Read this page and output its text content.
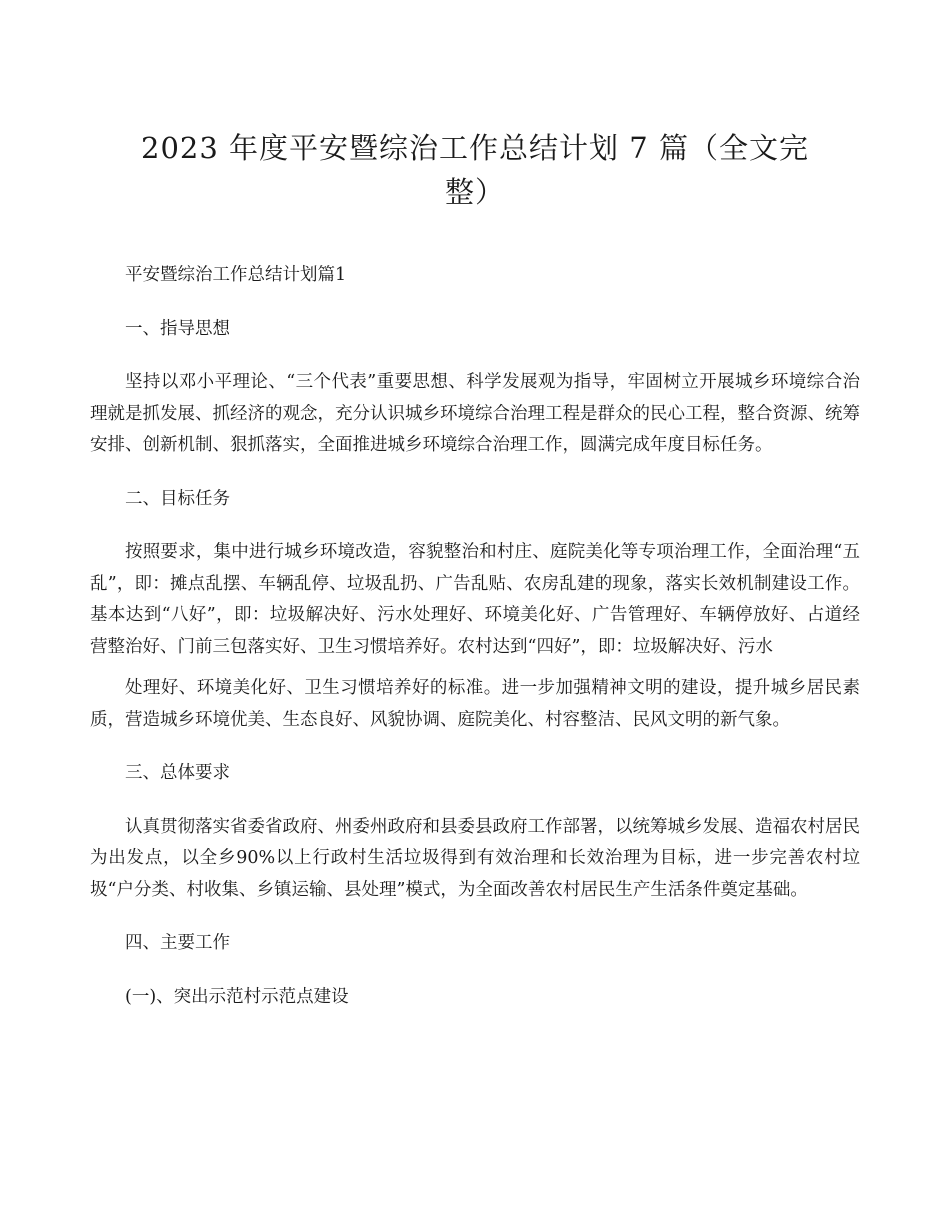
2023 年度平安暨综治工作总结计划 7 篇（全文完
整）

平安暨综治工作总结计划篇1

一、指导思想

坚持以邓小平理论、“三个代表”重要思想、科学发展观为指导，牢固树立开展城乡环境综合治理就是抓发展、抓经济的观念，充分认识城乡环境综合治理工程是群众的民心工程，整合资源、统筹安排、创新机制、狠抓落实，全面推进城乡环境综合治理工作，圆满完成年度目标任务。

二、目标任务

按照要求，集中进行城乡环境改造，容貌整治和村庄、庭院美化等专项治理工作，全面治理“五乱”，即：摊点乱摆、车辆乱停、垃圾乱扔、广告乱贴、农房乱建的现象，落实长效机制建设工作。基本达到“八好”，即：垃圾解决好、污水处理好、环境美化好、广告管理好、车辆停放好、占道经营整治好、门前三包落实好、卫生习惯培养好。农村达到“四好”，即：垃圾解决好、污水

处理好、环境美化好、卫生习惯培养好的标准。进一步加强精神文明的建设，提升城乡居民素质，营造城乡环境优美、生态良好、风貌协调、庭院美化、村容整洁、民风文明的新气象。

三、总体要求

认真贯彻落实省委省政府、州委州政府和县委县政府工作部署，以统筹城乡发展、造福农村居民为出发点，以全乡90%以上行政村生活垃圾得到有效治理和长效治理为目标，进一步完善农村垃圾“户分类、村收集、乡镇运输、县处理”模式，为全面改善农村居民生产生活条件奠定基础。

四、主要工作

(一)、突出示范村示范点建设
